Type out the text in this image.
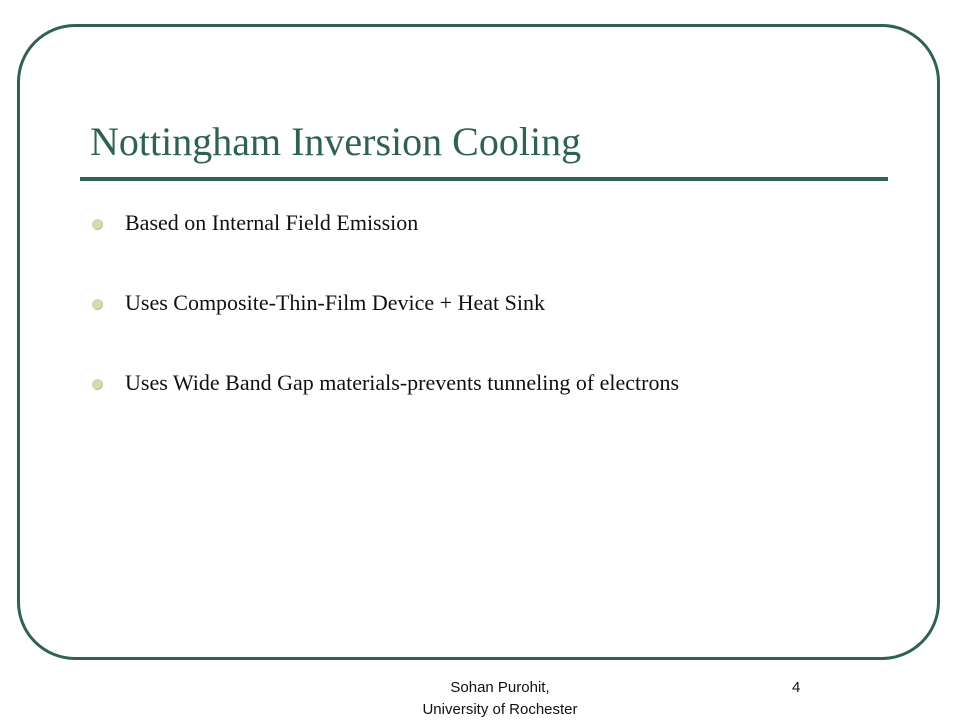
Nottingham Inversion Cooling
Based on Internal Field Emission
Uses Composite-Thin-Film Device + Heat Sink
Uses Wide Band Gap materials-prevents tunneling of electrons
Sohan Purohit,
University of Rochester
4
